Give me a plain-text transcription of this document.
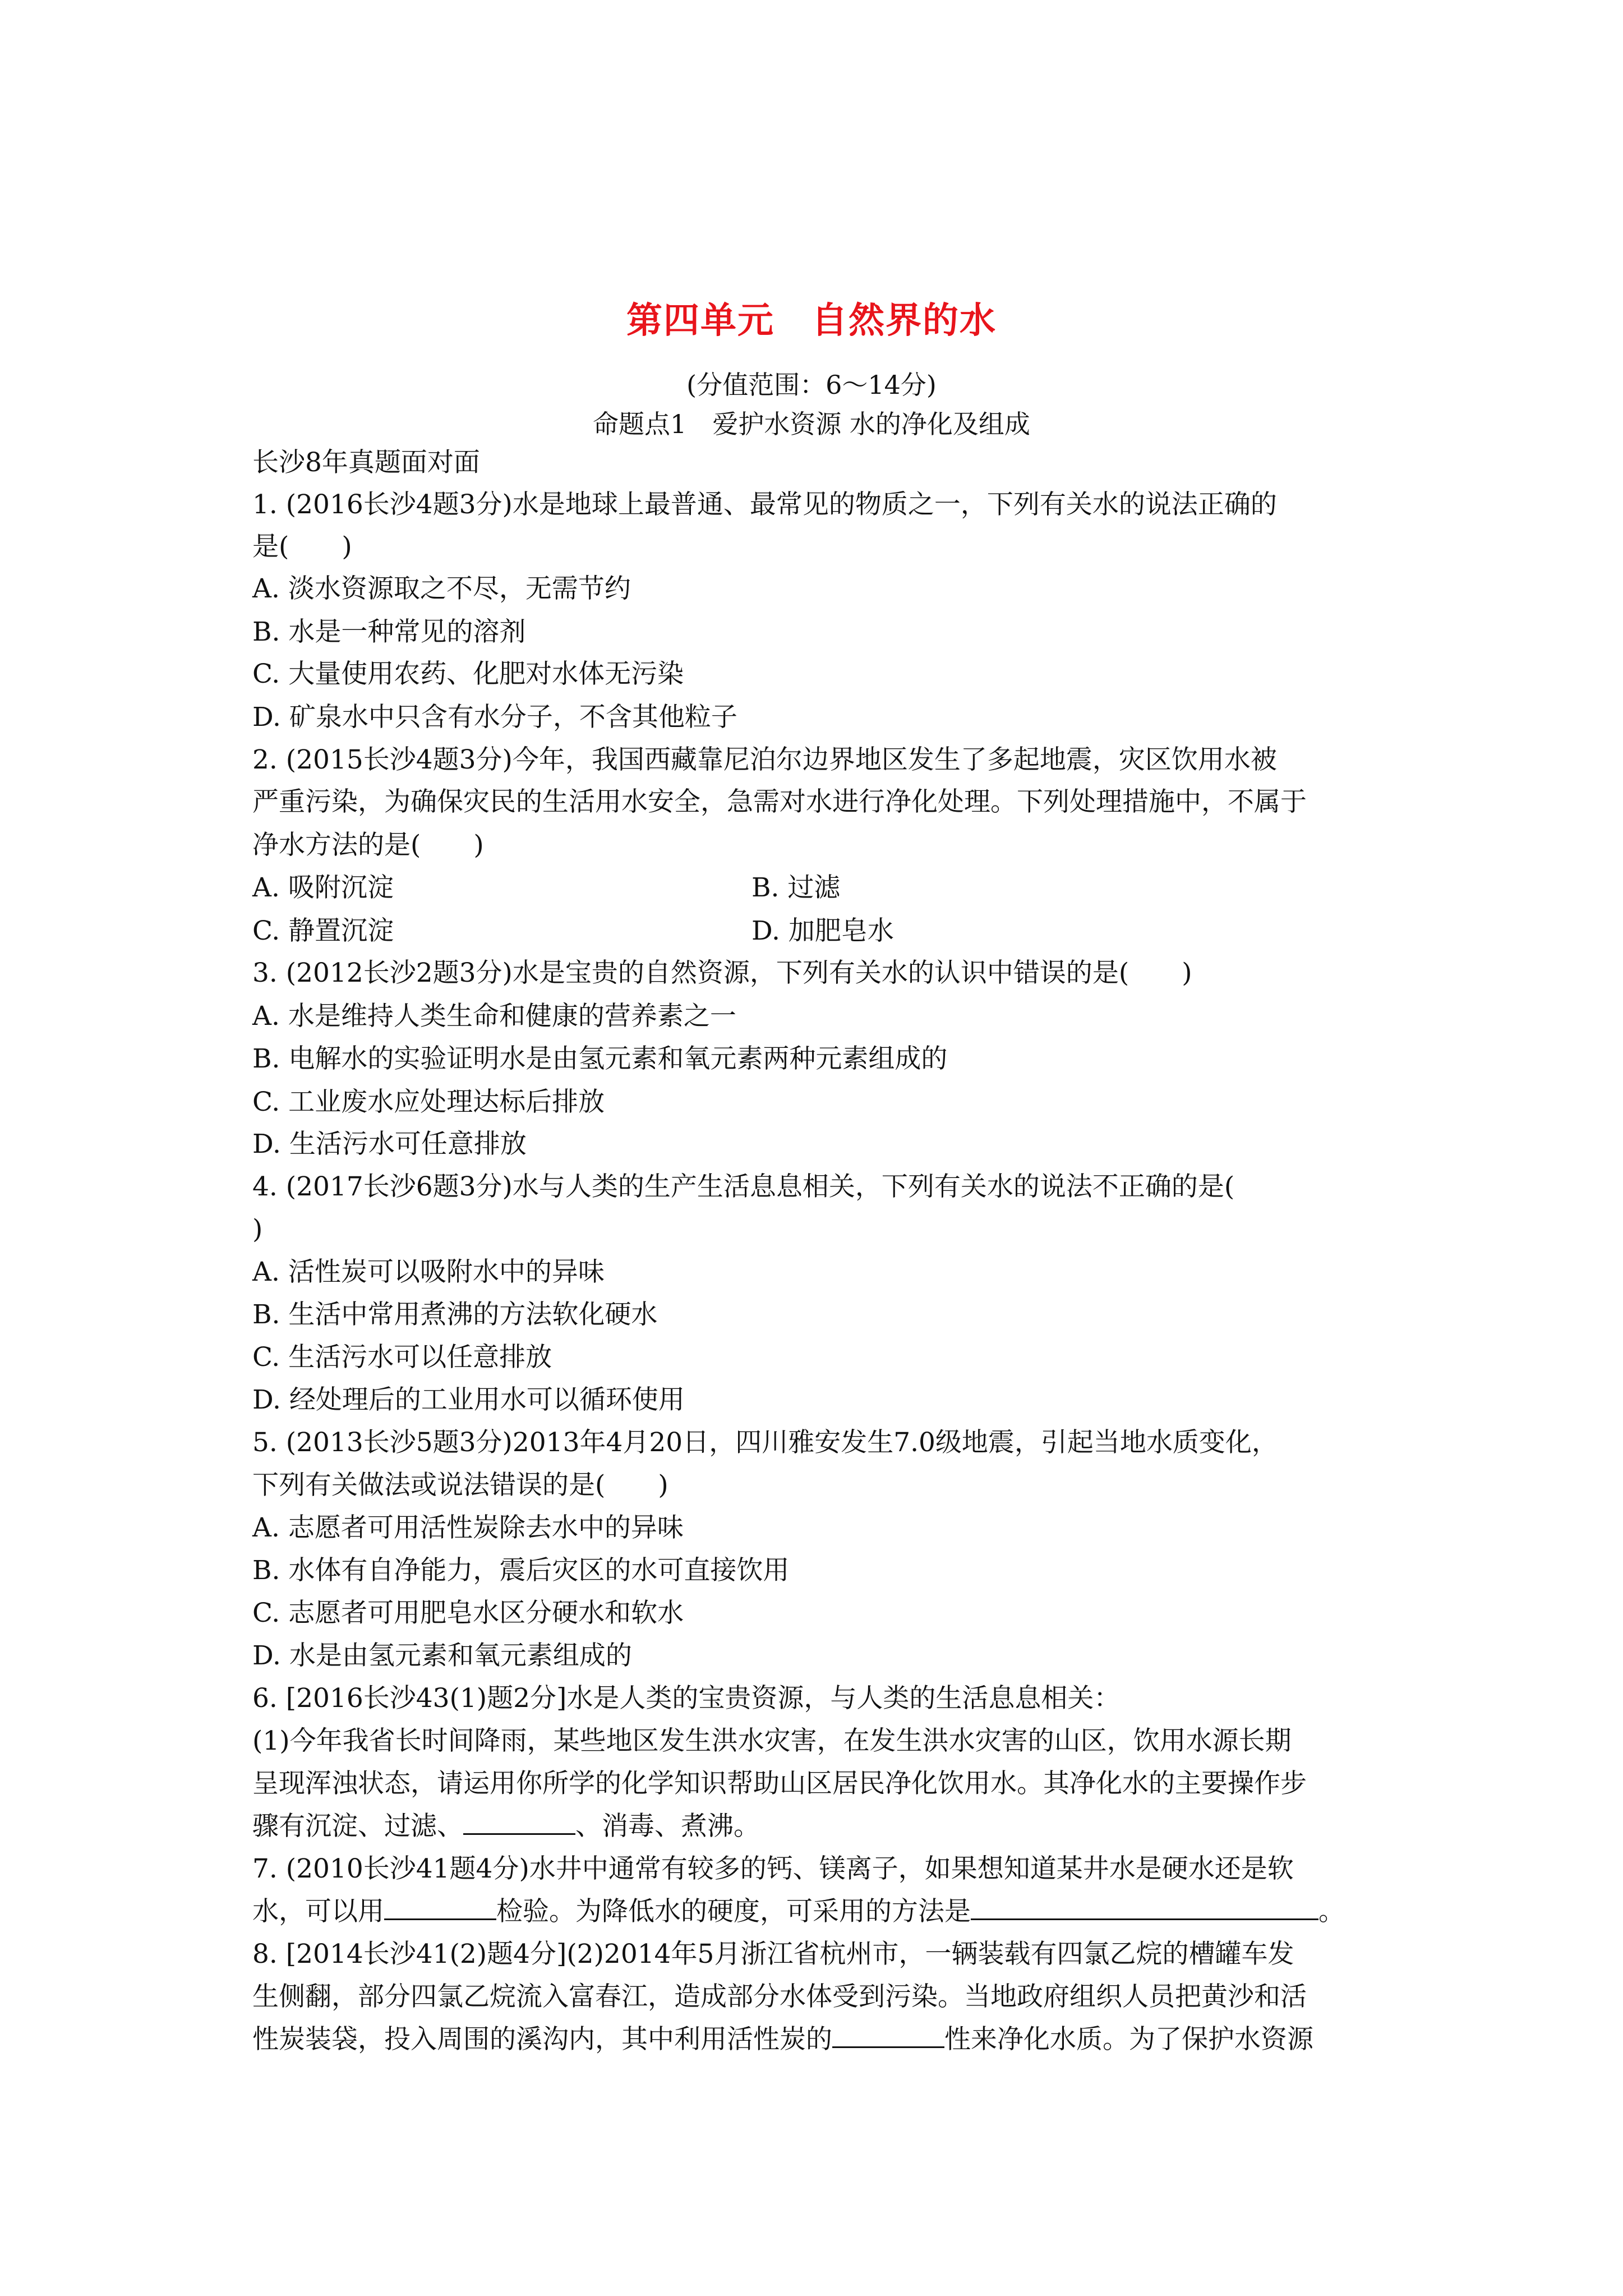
第四单元　自然界的水
(分值范围：6～14分)
命题点1　爱护水资源 水的净化及组成
长沙8年真题面对面
1. (2016长沙4题3分)水是地球上最普通、最常见的物质之一，下列有关水的说法正确的
是(　　)
A. 淡水资源取之不尽，无需节约
B. 水是一种常见的溶剂
C. 大量使用农药、化肥对水体无污染
D. 矿泉水中只含有水分子，不含其他粒子
2. (2015长沙4题3分)今年，我国西藏靠尼泊尔边界地区发生了多起地震，灾区饮用水被
严重污染，为确保灾民的生活用水安全，急需对水进行净化处理。下列处理措施中，不属于
净水方法的是(　　)
A. 吸附沉淀	B. 过滤
C. 静置沉淀	D. 加肥皂水
3. (2012长沙2题3分)水是宝贵的自然资源，下列有关水的认识中错误的是(　　)
A. 水是维持人类生命和健康的营养素之一
B. 电解水的实验证明水是由氢元素和氧元素两种元素组成的
C. 工业废水应处理达标后排放
D. 生活污水可任意排放
4. (2017长沙6题3分)水与人类的生产生活息息相关，下列有关水的说法不正确的是(
)
A. 活性炭可以吸附水中的异味
B. 生活中常用煮沸的方法软化硬水
C. 生活污水可以任意排放
D. 经处理后的工业用水可以循环使用
5. (2013长沙5题3分)2013年4月20日，四川雅安发生7.0级地震，引起当地水质变化，
下列有关做法或说法错误的是(　　)
A. 志愿者可用活性炭除去水中的异味
B. 水体有自净能力，震后灾区的水可直接饮用
C. 志愿者可用肥皂水区分硬水和软水
D. 水是由氢元素和氧元素组成的
6. [2016长沙43(1)题2分]水是人类的宝贵资源，与人类的生活息息相关：
(1)今年我省长时间降雨，某些地区发生洪水灾害，在发生洪水灾害的山区，饮用水源长期
呈现浑浊状态，请运用你所学的化学知识帮助山区居民净化饮用水。其净化水的主要操作步
骤有沉淀、过滤、	、消毒、煮沸。
7. (2010长沙41题4分)水井中通常有较多的钙、镁离子，如果想知道某井水是硬水还是软
水，可以用	检验。为降低水的硬度，可采用的方法是	。
8. [2014长沙41(2)题4分](2)2014年5月浙江省杭州市，一辆装载有四氯乙烷的槽罐车发
生侧翻，部分四氯乙烷流入富春江，造成部分水体受到污染。当地政府组织人员把黄沙和活
性炭装袋，投入周围的溪沟内，其中利用活性炭的	性来净化水质。为了保护水资源
